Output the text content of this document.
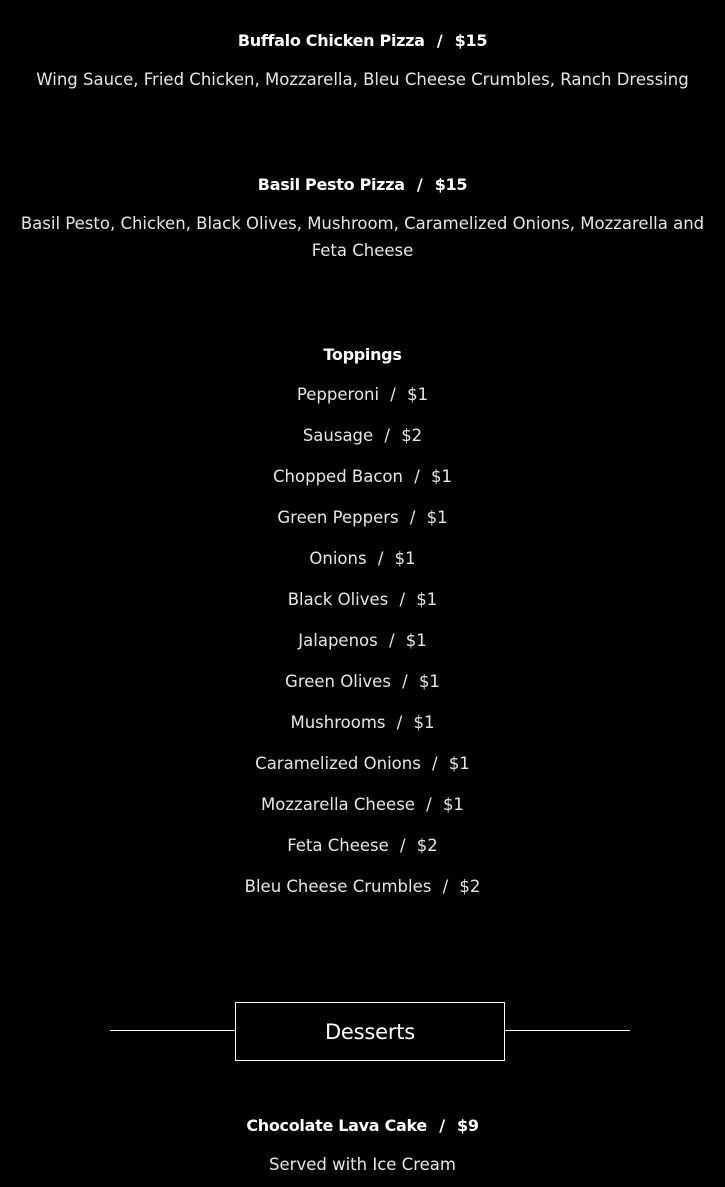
Buffalo Chicken Pizza / $15

Wing Sauce, Fried Chicken, Mozzarella, Bleu Cheese Crumbles, Ranch Dressing

Basil Pesto Pizza / $15

Basil Pesto, Chicken, Black Olives, Mushroom, Caramelized Onions, Mozzarella and Feta Cheese

Toppings
Pepperoni / $1
Sausage / $2
Chopped Bacon / $1
Green Peppers / $1
Onions / $1
Black Olives / $1
Jalapenos / $1
Green Olives / $1
Mushrooms / $1
Caramelized Onions / $1
Mozzarella Cheese / $1
Feta Cheese / $2
Bleu Cheese Crumbles / $2
Desserts

Chocolate Lava Cake / $9

Served with Ice Cream
